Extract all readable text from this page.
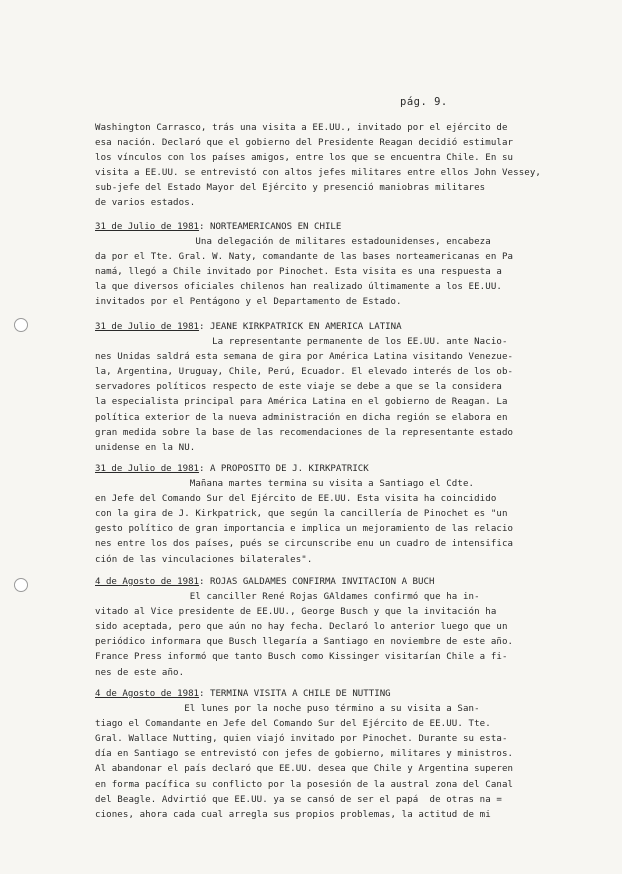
pág. 9.
Washington Carrasco, trás una visita a EE.UU., invitado por el ejército de
esa nación. Declaró que el gobierno del Presidente Reagan decidió estimular
los vínculos con los países amigos, entre los que se encuentra Chile. En su
visita a EE.UU. se entrevistó con altos jefes militares entre ellos John Vessey,
sub-jefe del Estado Mayor del Ejército y presenció maniobras militares
de varios estados.
31 de Julio de 1981: NORTEAMERICANOS EN CHILE
Una delegación de militares estadounidenses, encabeza
da por el Tte. Gral. W. Naty, comandante de las bases norteamericanas en Pa
namá, llegó a Chile invitado por Pinochet. Esta visita es una respuesta a
la que diversos oficiales chilenos han realizado últimamente a los EE.UU.
invitados por el Pentágono y el Departamento de Estado.
31 de Julio de 1981: JEANE KIRKPATRICK EN AMERICA LATINA
La representante permanente de los EE.UU. ante Nacio-
nes Unidas saldrá esta semana de gira por América Latina visitando Venezue-
la, Argentina, Uruguay, Chile, Perú, Ecuador. El elevado interés de los ob-
servadores políticos respecto de este viaje se debe a que se la considera
la especialista principal para América Latina en el gobierno de Reagan. La
política exterior de la nueva administración en dicha región se elabora en
gran medida sobre la base de las recomendaciones de la representante estado
unidense en la NU.
31 de Julio de 1981: A PROPOSITO DE J. KIRKPATRICK
Mañana martes termina su visita a Santiago el Cdte.
en Jefe del Comando Sur del Ejército de EE.UU. Esta visita ha coincidido
con la gira de J. Kirkpatrick, que según la cancillería de Pinochet es "un
gesto político de gran importancia e implica un mejoramiento de las relacio
nes entre los dos países, pués se circunscribe enu un cuadro de intensifica
ción de las vinculaciones bilaterales".
4 de Agosto de 1981: ROJAS GALDAMES CONFIRMA INVITACION A BUCH
El canciller René Rojas GAldames confirmó que ha in-
vitado al Vice presidente de EE.UU., George Busch y que la invitación ha
sido aceptada, pero que aún no hay fecha. Declaró lo anterior luego que un
periódico informara que Busch llegaría a Santiago en noviembre de este año.
France Press informó que tanto Busch como Kissinger visitarían Chile a fi-
nes de este año.
4 de Agosto de 1981: TERMINA VISITA A CHILE DE NUTTING
El lunes por la noche puso término a su visita a San-
tiago el Comandante en Jefe del Comando Sur del Ejército de EE.UU. Tte.
Gral. Wallace Nutting, quien viajó invitado por Pinochet. Durante su esta-
día en Santiago se entrevistó con jefes de gobierno, militares y ministros.
Al abandonar el país declaró que EE.UU. desea que Chile y Argentina superen
en forma pacífica su conflicto por la posesión de la austral zona del Canal
del Beagle. Advirtió que EE.UU. ya se cansó de ser el papá  de otras na =
ciones, ahora cada cual arregla sus propios problemas, la actitud de mi
